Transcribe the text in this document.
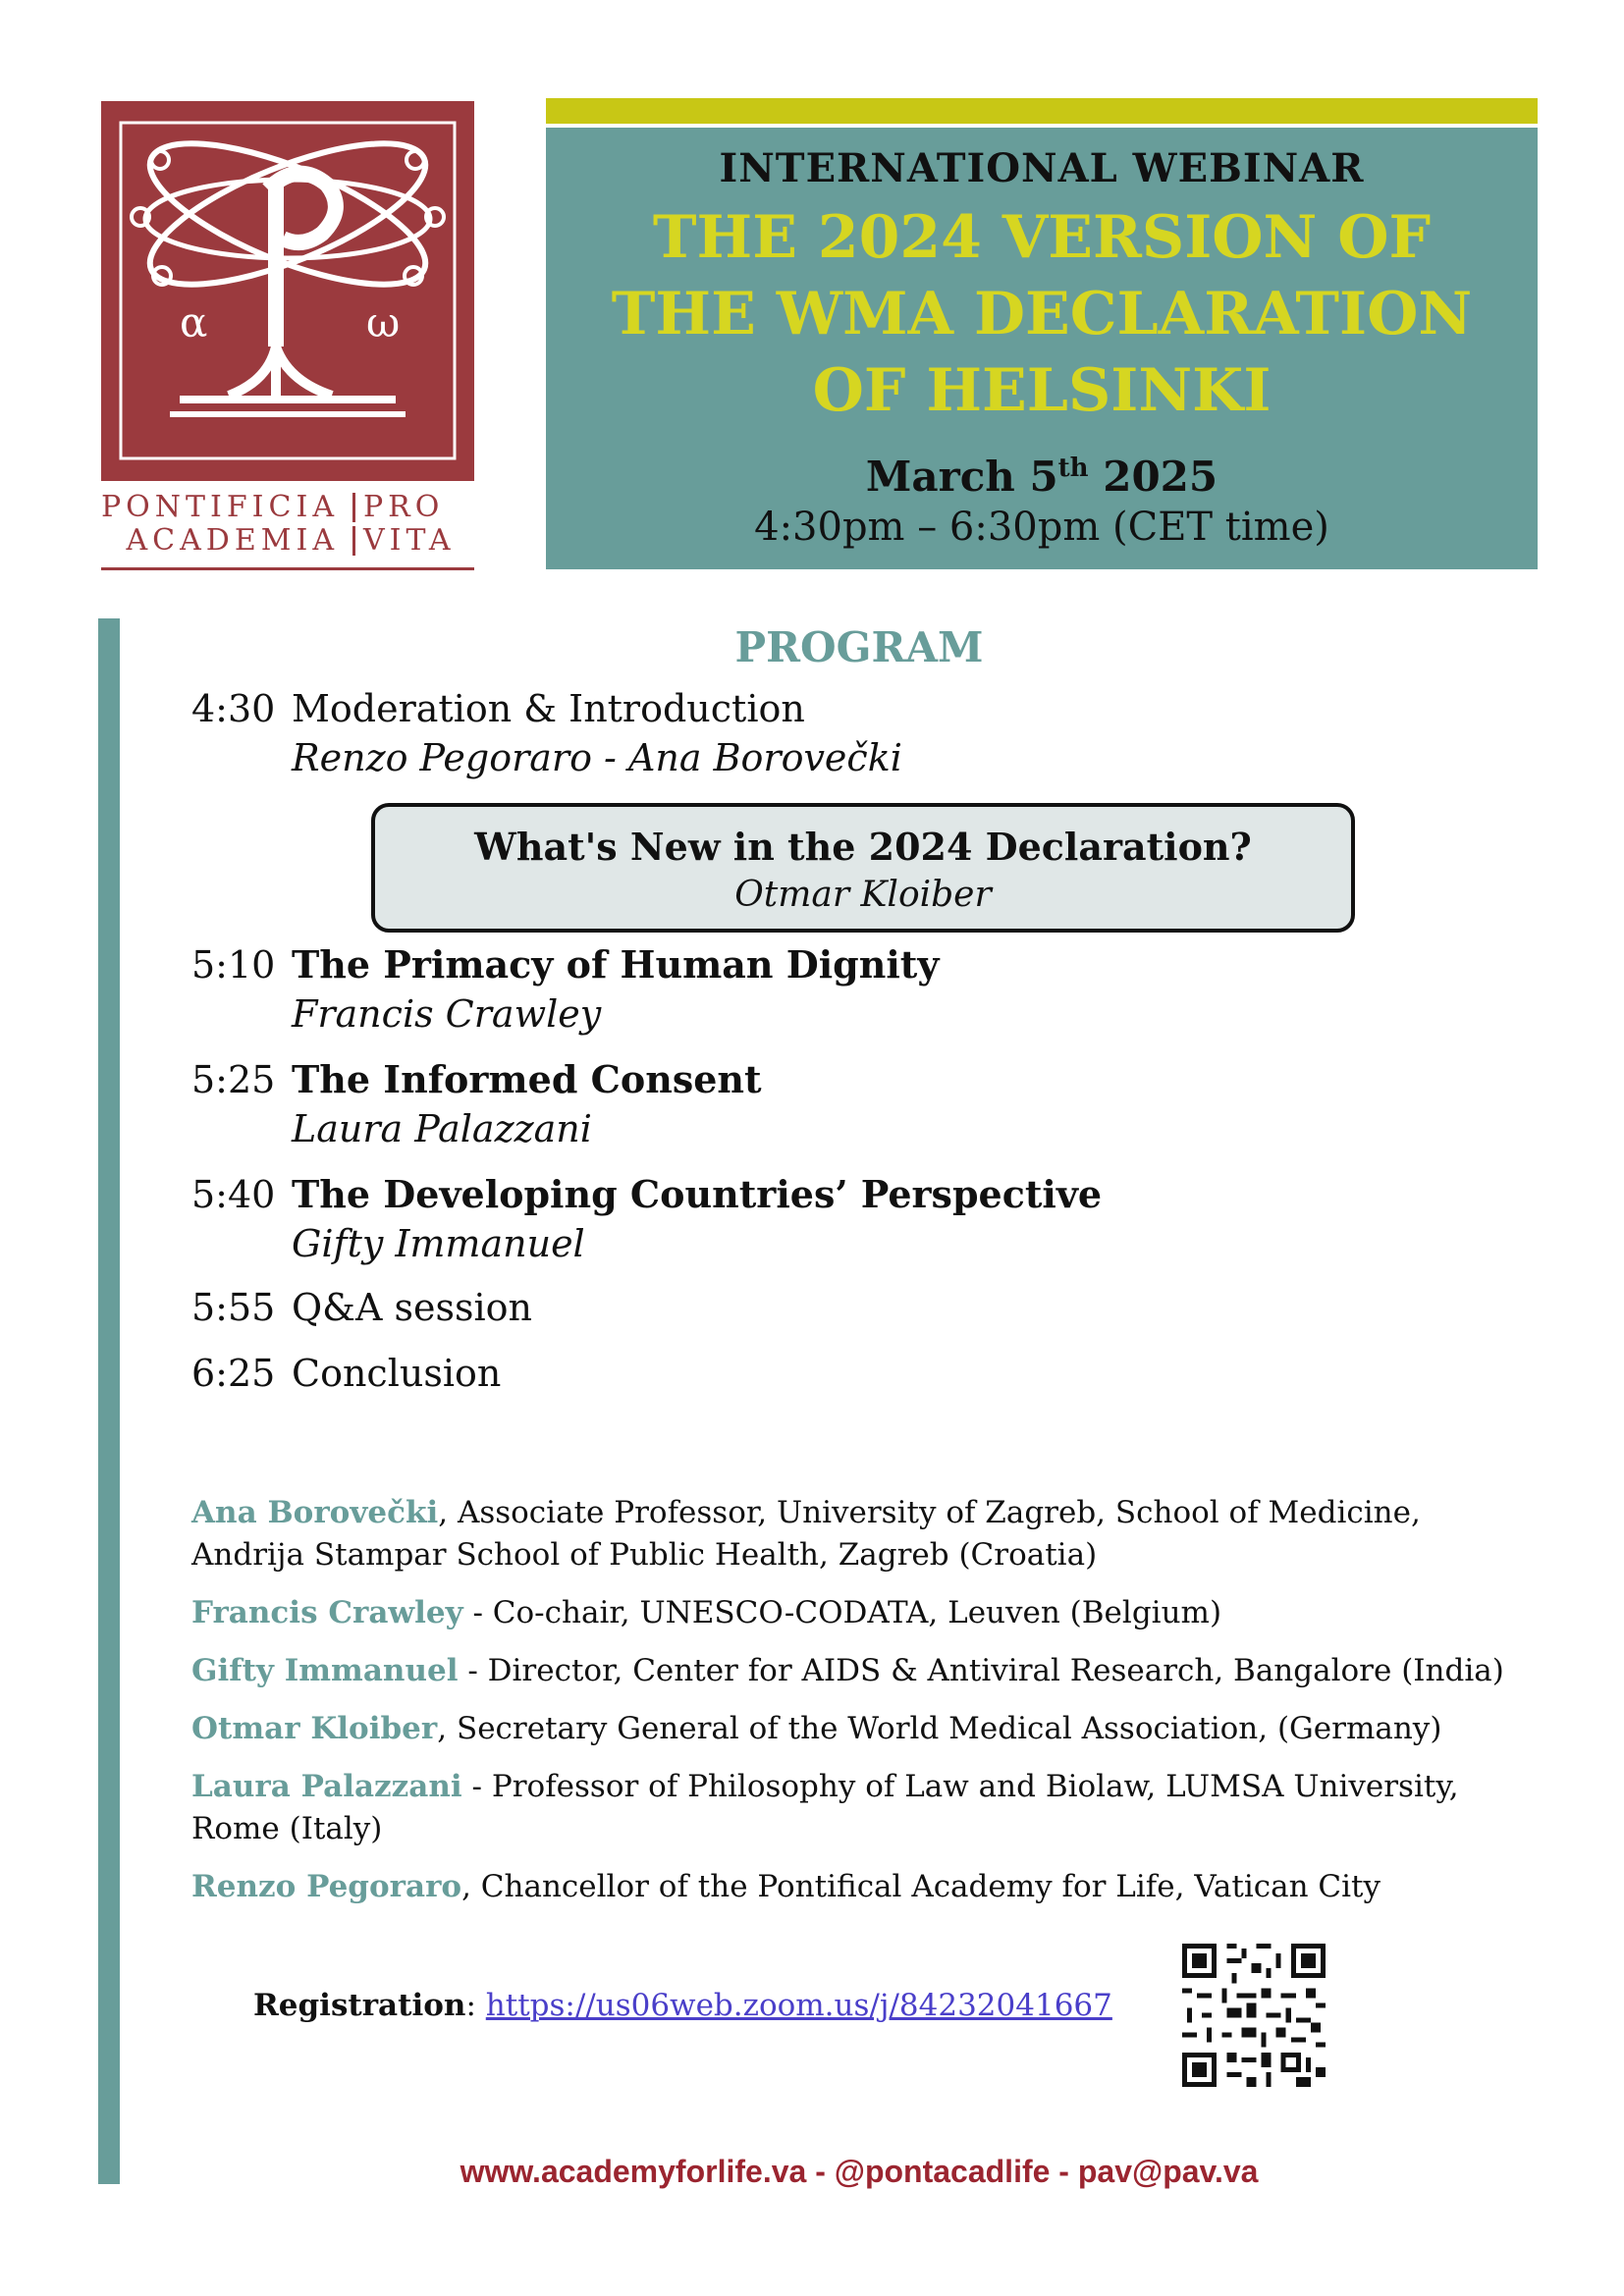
α	ω
PONTIFICIA PRO
ACADEMIA VITA
INTERNATIONAL WEBINAR
THE 2024 VERSION OF
THE WMA DECLARATION
OF HELSINKI
March 5th 2025
4:30pm – 6:30pm (CET time)
PROGRAM
4:30 Moderation & Introduction
Renzo Pegoraro - Ana Borovečki
What's New in the 2024 Declaration?
Otmar Kloiber
5:10 The Primacy of Human Dignity
Francis Crawley
5:25 The Informed Consent
Laura Palazzani
5:40 The Developing Countries’ Perspective
Gifty Immanuel
5:55 Q&A session
6:25 Conclusion
Ana Borovečki, Associate Professor, University of Zagreb, School of Medicine, Andrija Stampar School of Public Health, Zagreb (Croatia)
Francis Crawley - Co-chair, UNESCO-CODATA, Leuven (Belgium)
Gifty Immanuel - Director, Center for AIDS & Antiviral Research, Bangalore (India)
Otmar Kloiber, Secretary General of the World Medical Association, (Germany)
Laura Palazzani - Professor of Philosophy of Law and Biolaw, LUMSA University, Rome (Italy)
Renzo Pegoraro, Chancellor of the Pontifical Academy for Life, Vatican City
Registration: https://us06web.zoom.us/j/84232041667
www.academyforlife.va - @pontacadlife - pav@pav.va
